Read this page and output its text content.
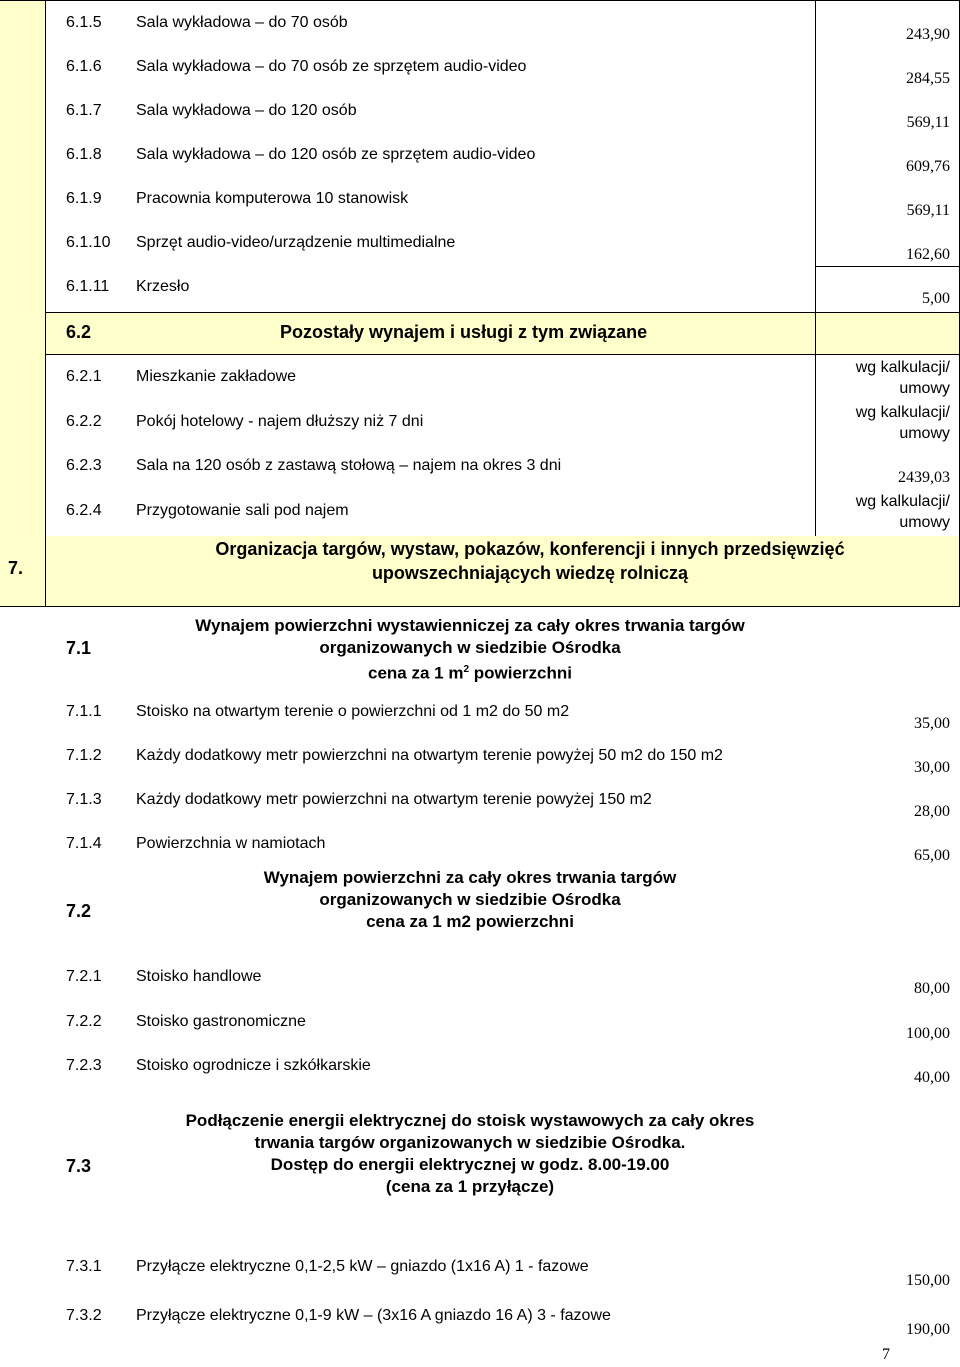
7.
6.1.5 Sala wykładowa – do 70 osób
243,90
6.1.6 Sala wykładowa – do 70 osób ze sprzętem audio-video
284,55
6.1.7 Sala wykładowa – do 120 osób
569,11
6.1.8 Sala wykładowa – do 120 osób ze sprzętem audio-video
609,76
6.1.9 Pracownia komputerowa 10 stanowisk
569,11
6.1.10 Sprzęt audio-video/urządzenie multimedialne
162,60
6.1.11 Krzesło
5,00
6.2	Pozostały wynajem i usługi z tym związane
6.2.1 Mieszkanie zakładowe
wg kalkulacji/
umowy
6.2.2 Pokój hotelowy - najem dłuższy niż 7 dni
wg kalkulacji/
umowy
6.2.3 Sala na 120 osób z zastawą stołową – najem na okres 3 dni
2439,03
6.2.4 Przygotowanie sali pod najem
wg kalkulacji/
umowy
Organizacja targów, wystaw, pokazów, konferencji i innych przedsięwzięć
upowszechniających wiedzę rolniczą
7.1
Wynajem powierzchni wystawienniczej za cały okres trwania targów
organizowanych w siedzibie Ośrodka
cena za 1 $m^2$ powierzchni
7.1.1 Stoisko na otwartym terenie o powierzchni od 1 m2 do 50 m2
35,00
7.1.2 Każdy dodatkowy metr powierzchni na otwartym terenie powyżej 50 m2 do 150 m2
30,00
7.1.3 Każdy dodatkowy metr powierzchni na otwartym terenie powyżej 150 m2
28,00
7.1.4 Powierzchnia w namiotach
65,00
7.2
Wynajem powierzchni za cały okres trwania targów
organizowanych w siedzibie Ośrodka
cena za 1 m2 powierzchni
7.2.1 Stoisko handlowe
80,00
7.2.2 Stoisko gastronomiczne
100,00
7.2.3 Stoisko ogrodnicze i szkółkarskie
40,00
7.3
Podłączenie energii elektrycznej do stoisk wystawowych za cały okres
trwania targów organizowanych w siedzibie Ośrodka.
Dostęp do energii elektrycznej w godz. 8.00-19.00
(cena za 1 przyłącze)
7.3.1 Przyłącze elektryczne 0,1-2,5 kW – gniazdo (1x16 A) 1 - fazowe
150,00
7.3.2 Przyłącze elektryczne 0,1-9 kW – (3x16 A gniazdo 16 A) 3 - fazowe
190,00
7
